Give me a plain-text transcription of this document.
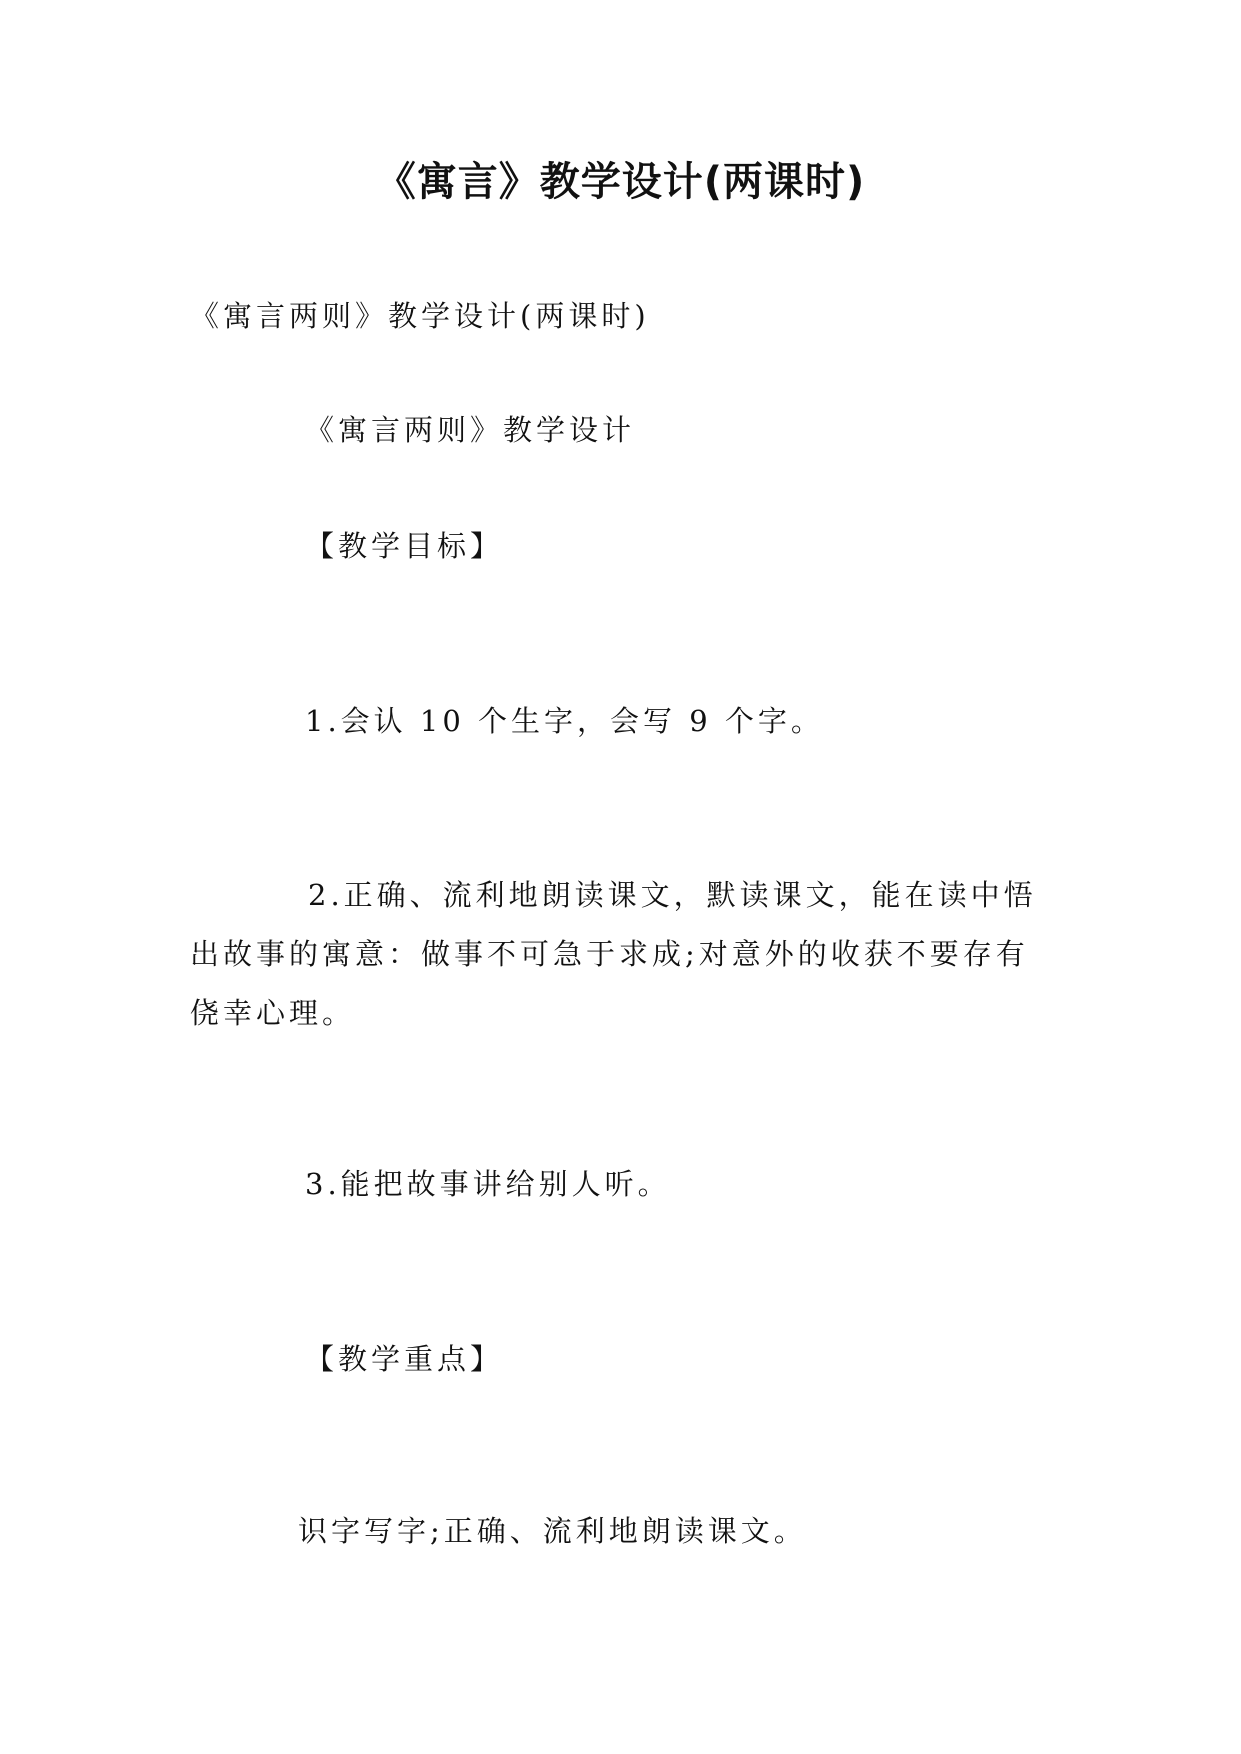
《寓言》教学设计(两课时)
《寓言两则》教学设计(两课时)
《寓言两则》教学设计
【教学目标】
1.会认 10 个生字，会写 9 个字。
2.正确、流利地朗读课文，默读课文，能在读中悟出故事的寓意：做事不可急于求成;对意外的收获不要存有侥幸心理。
3.能把故事讲给别人听。
【教学重点】
识字写字;正确、流利地朗读课文。
